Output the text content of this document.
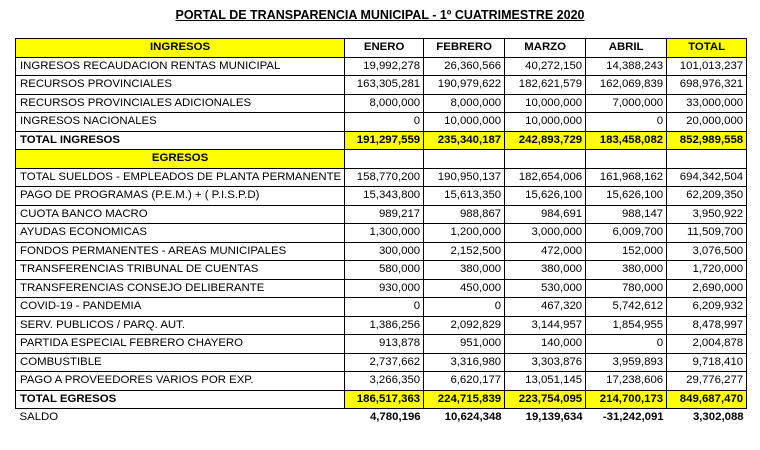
PORTAL DE TRANSPARENCIA MUNICIPAL - 1º CUATRIMESTRE 2020
INGRESOS	ENERO	FEBRERO	MARZO	ABRIL	TOTAL
INGRESOS RECAUDACION RENTAS MUNICIPAL	19,992,278	26,360,566	40,272,150	14,388,243	101,013,237
RECURSOS PROVINCIALES	163,305,281	190,979,622	182,621,579	162,069,839	698,976,321
RECURSOS PROVINCIALES ADICIONALES	8,000,000	8,000,000	10,000,000	7,000,000	33,000,000
INGRESOS NACIONALES	0	10,000,000	10,000,000	0	20,000,000
TOTAL INGRESOS	191,297,559	235,340,187	242,893,729	183,458,082	852,989,558
EGRESOS					
TOTAL SUELDOS - EMPLEADOS DE PLANTA PERMANENTE	158,770,200	190,950,137	182,654,006	161,968,162	694,342,504
PAGO DE PROGRAMAS (P.E.M.) + ( P.I.S.P.D)	15,343,800	15,613,350	15,626,100	15,626,100	62,209,350
CUOTA BANCO MACRO	989,217	988,867	984,691	988,147	3,950,922
AYUDAS ECONOMICAS	1,300,000	1,200,000	3,000,000	6,009,700	11,509,700
FONDOS PERMANENTES - AREAS MUNICIPALES	300,000	2,152,500	472,000	152,000	3,076,500
TRANSFERENCIAS TRIBUNAL DE CUENTAS	580,000	380,000	380,000	380,000	1,720,000
TRANSFERENCIAS CONSEJO DELIBERANTE	930,000	450,000	530,000	780,000	2,690,000
COVID-19 - PANDEMIA	0	0	467,320	5,742,612	6,209,932
SERV. PUBLICOS / PARQ. AUT.	1,386,256	2,092,829	3,144,957	1,854,955	8,478,997
PARTIDA ESPECIAL FEBRERO CHAYERO	913,878	951,000	140,000	0	2,004,878
COMBUSTIBLE	2,737,662	3,316,980	3,303,876	3,959,893	9,718,410
PAGO A PROVEEDORES VARIOS POR EXP.	3,266,350	6,620,177	13,051,145	17,238,606	29,776,277
TOTAL EGRESOS	186,517,363	224,715,839	223,754,095	214,700,173	849,687,470
SALDO	4,780,196	10,624,348	19,139,634	-31,242,091	3,302,088
